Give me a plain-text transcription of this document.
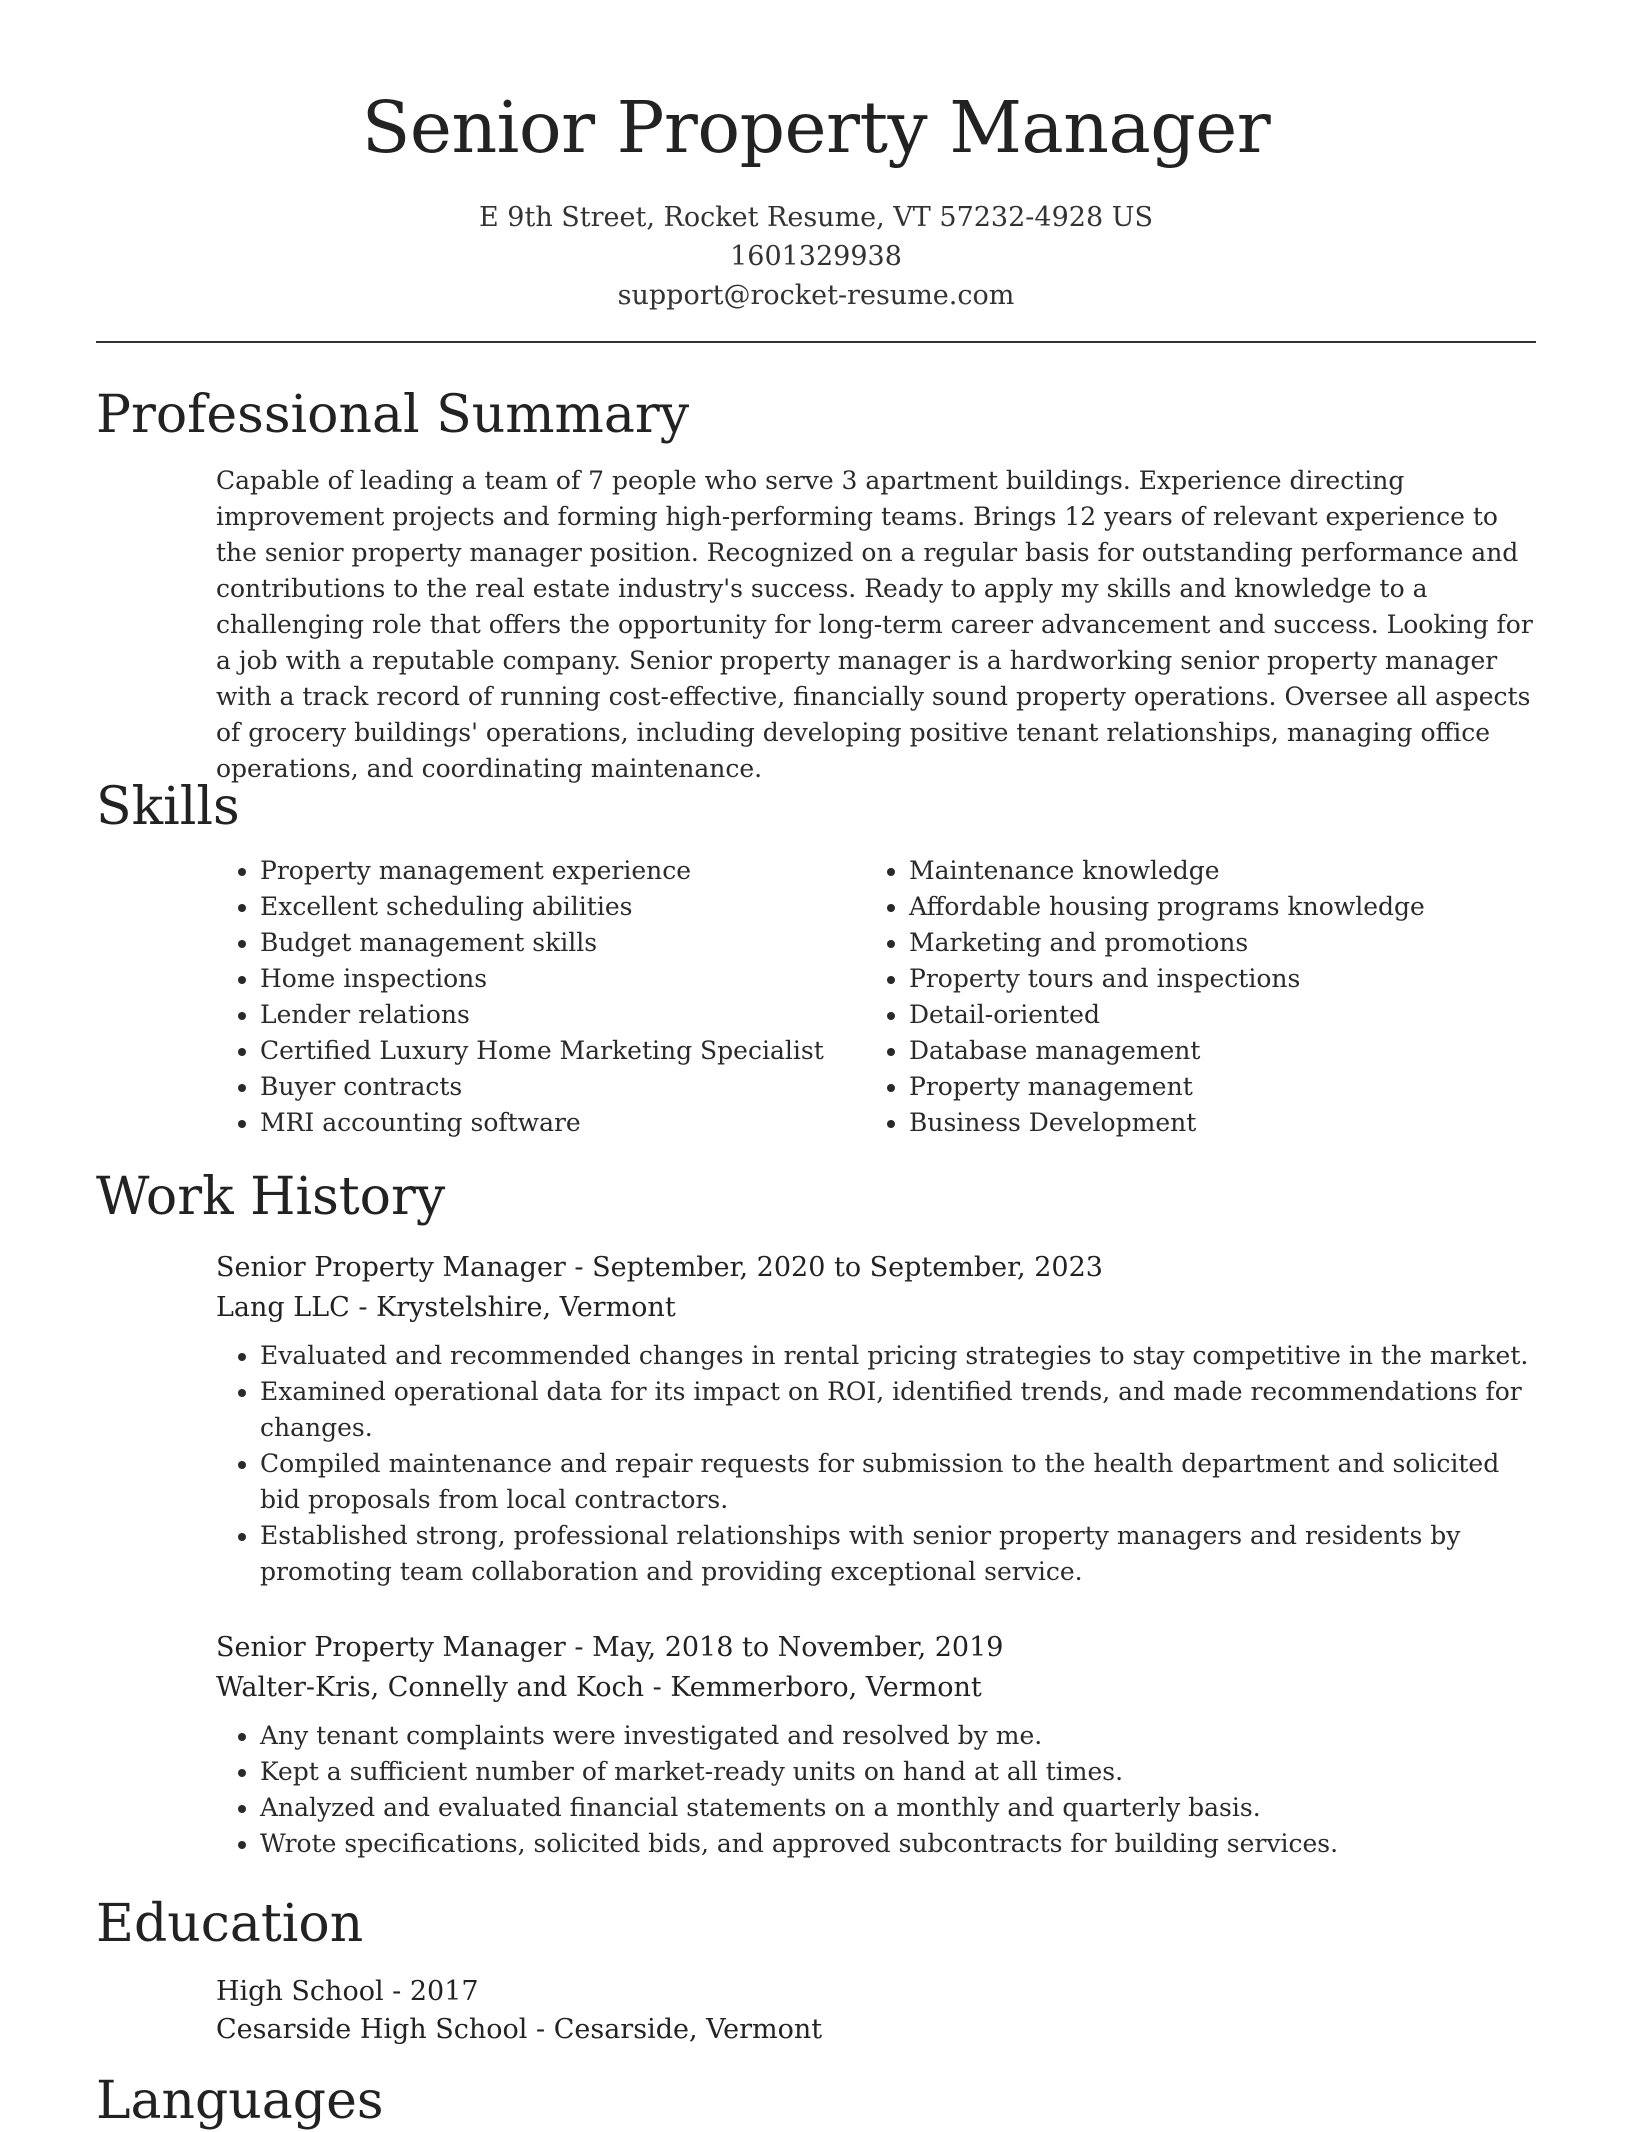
Senior Property Manager
E 9th Street, Rocket Resume, VT 57232-4928 US
1601329938
support@rocket-resume.com
Professional Summary
Capable of leading a team of 7 people who serve 3 apartment buildings. Experience directing improvement projects and forming high-performing teams. Brings 12 years of relevant experience to the senior property manager position. Recognized on a regular basis for outstanding performance and contributions to the real estate industry's success. Ready to apply my skills and knowledge to a challenging role that offers the opportunity for long-term career advancement and success. Looking for a job with a reputable company. Senior property manager is a hardworking senior property manager with a track record of running cost-effective, financially sound property operations. Oversee all aspects of grocery buildings' operations, including developing positive tenant relationships, managing office operations, and coordinating maintenance.
Skills
• Property management experience
• Excellent scheduling abilities
• Budget management skills
• Home inspections
• Lender relations
• Certified Luxury Home Marketing Specialist
• Buyer contracts
• MRI accounting software
• Maintenance knowledge
• Affordable housing programs knowledge
• Marketing and promotions
• Property tours and inspections
• Detail-oriented
• Database management
• Property management
• Business Development
Work History
Senior Property Manager - September, 2020 to September, 2023
Lang LLC - Krystelshire, Vermont
• Evaluated and recommended changes in rental pricing strategies to stay competitive in the market.
• Examined operational data for its impact on ROI, identified trends, and made recommendations for changes.
• Compiled maintenance and repair requests for submission to the health department and solicited bid proposals from local contractors.
• Established strong, professional relationships with senior property managers and residents by promoting team collaboration and providing exceptional service.
Senior Property Manager - May, 2018 to November, 2019
Walter-Kris, Connelly and Koch - Kemmerboro, Vermont
• Any tenant complaints were investigated and resolved by me.
• Kept a sufficient number of market-ready units on hand at all times.
• Analyzed and evaluated financial statements on a monthly and quarterly basis.
• Wrote specifications, solicited bids, and approved subcontracts for building services.
Education
High School - 2017
Cesarside High School - Cesarside, Vermont
Languages
